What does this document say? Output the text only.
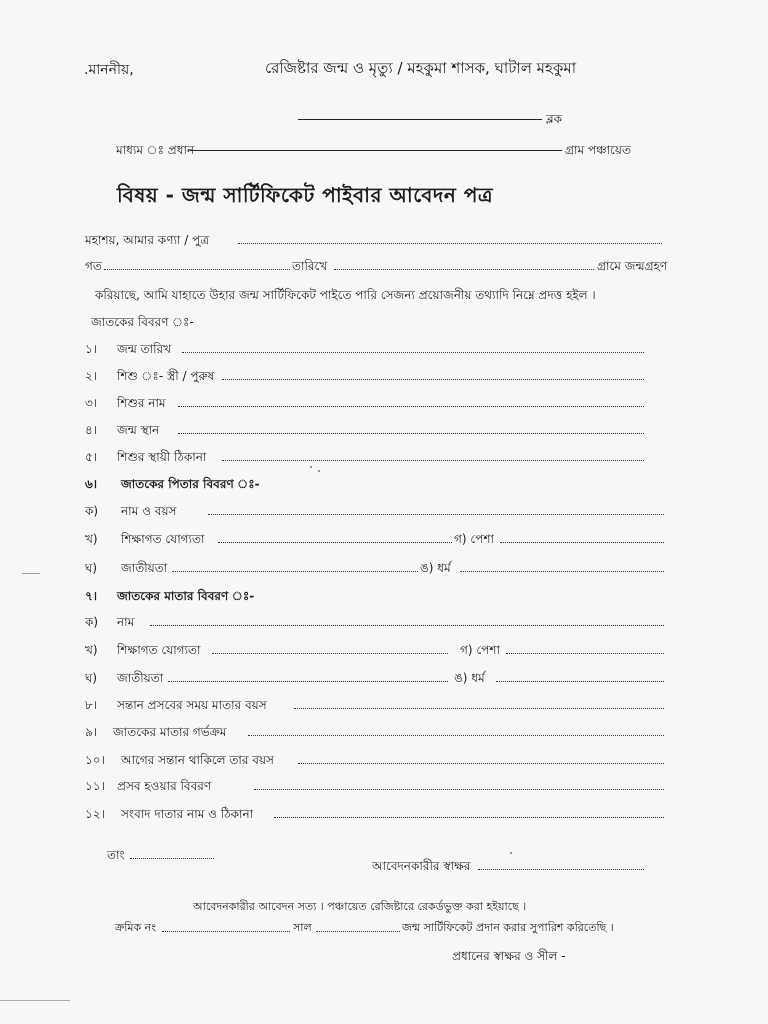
.মাননীয়,	রেজিষ্টার জন্ম ও মৃত্যু / মহকুমা শাসক, ঘাটাল মহকুমা
ব্লক
মাধ্যম ঃ প্রধান	গ্রাম পঞ্চায়েত
বিষয় - জন্ম সার্টিফিকেট পাইবার আবেদন পত্র
মহাশয়, আমার কণ্যা / পুত্র
গত	তারিখে	গ্রামে জন্মগ্রহণ
করিয়াছে, আমি যাহাতে উহার জন্ম সার্টিফিকেট পাইতে পারি সেজন্য প্রয়োজনীয় তথ্যাদি নিম্নে প্রদত্ত হইল ।
জাতকের বিবরণ ঃ-
১। জন্ম তারিখ
২। শিশু ঃ- স্ত্রী / পুরুষ
৩। শিশুর নাম
৪। জন্ম স্থান
৫। শিশুর স্থায়ী ঠিকানা
৬। জাতকের পিতার বিবরণ ঃ-
ক) নাম ও বয়স
খ) শিক্ষাগত যোগ্যতা	গ) পেশা
ঘ) জাতীয়তা	ঙ) ধর্ম
৭। জাতকের মাতার বিবরণ ঃ-
ক) নাম
খ) শিক্ষাগত যোগ্যতা	গ) পেশা
ঘ) জাতীয়তা	ঙ) ধর্ম
৮। সন্তান প্রসবের সময় মাতার বয়স
৯। জাতকের মাতার গর্ভক্রম
১০। আগের সন্তান থাকিলে তার বয়স
১১। প্রসব হওয়ার বিবরণ
১২। সংবাদ দাতার নাম ও ঠিকানা
তাং
আবেদনকারীর স্বাক্ষর
আবেদনকারীর আবেদন সত্য । পঞ্চায়েত রেজিষ্টারে রেকর্ডভুক্ত করা হইয়াছে ।
ক্রমিক নং	সাল	জন্ম সার্টিফিকেট প্রদান করার সুপারিশ করিতেছি ।
প্রধানের স্বাক্ষর ও সীল -
